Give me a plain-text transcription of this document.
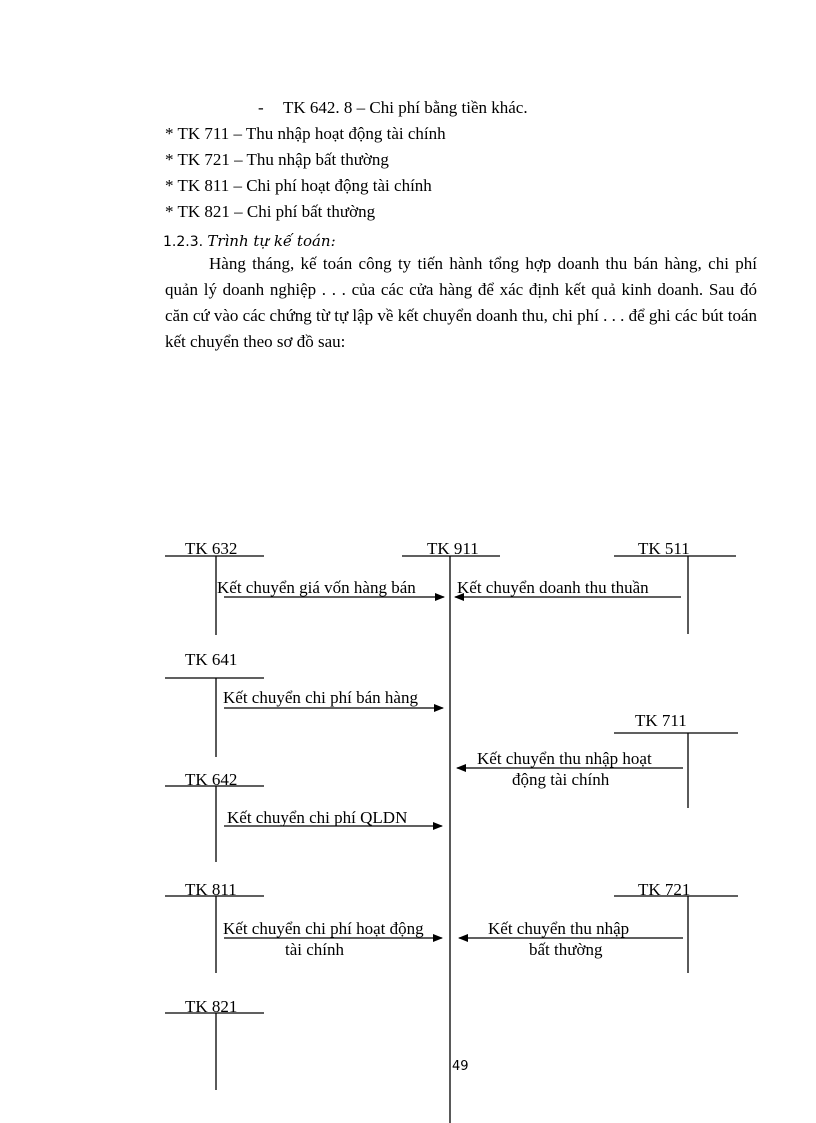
- TK 642. 8 – Chi phí bằng tiền khác.
* TK 711 – Thu nhập hoạt động tài chính
* TK 721 – Thu nhập bất thường
* TK 811 – Chi phí hoạt động tài chính
* TK 821 – Chi phí bất thường
1.2.3. Trình tự kế toán:
Hàng tháng, kế toán công ty tiến hành tổng hợp doanh thu bán hàng, chi phí quản lý doanh nghiệp . . . của các cửa hàng để xác định kết quả kinh doanh. Sau đó căn cứ vào các chứng từ tự lập về kết chuyển doanh thu, chi phí . . . để ghi các bút toán kết chuyển theo sơ đồ sau:
TK 632	TK 911	TK 511
TK 641
TK 711
TK 642
TK 811	TK 721
TK 821
Kết chuyển giá vốn hàng bán Kết chuyển doanh thu thuần
Kết chuyển chi phí bán hàng
Kết chuyển thu nhập hoạt
động tài chính
Kết chuyển chi phí QLDN
Kết chuyển chi phí hoạt động
tài chính
Kết chuyển thu nhập
bất thường
49
